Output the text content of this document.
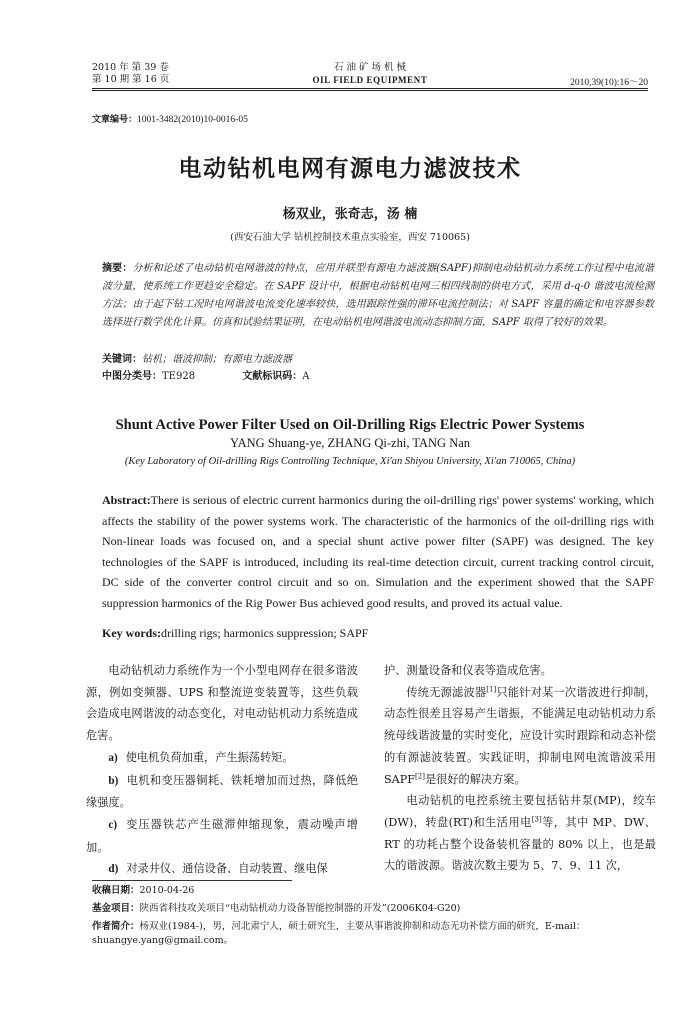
2010 年 第 39 卷
第 10 期 第 16 页
石 油 矿 场 机 械
OIL FIELD EQUIPMENT	2010,39(10):16～20
文章编号：1001-3482(2010)10-0016-05
电动钻机电网有源电力滤波技术
杨双业，张奇志，汤 楠
(西安石油大学 钻机控制技术重点实验室，西安 710065)
摘要：分析和论述了电动钻机电网谐波的特点，应用并联型有源电力滤波器(SAPF)抑制电动钻机动力系统工作过程中电流谐波分量，使系统工作更趋安全稳定。在 SAPF 设计中，根据电动钻机电网三相四线制的供电方式，采用 d-q-0 谐波电流检测方法；由于起下钻工况时电网谐波电流变化速率较快，选用跟踪性强的滞环电流控制法；对 SAPF 容量的确定和电容器参数选择进行数学优化计算。仿真和试验结果证明，在电动钻机电网谐波电流动态抑制方面，SAPF 取得了较好的效果。
关键词：钻机；谐波抑制；有源电力滤波器
中图分类号：TE928	文献标识码：A
Shunt Active Power Filter Used on Oil-Drilling Rigs Electric Power Systems
YANG Shuang-ye, ZHANG Qi-zhi, TANG Nan
(Key Laboratory of Oil-drilling Rigs Controlling Technique, Xi'an Shiyou University, Xi'an 710065, China)
Abstract:There is serious of electric current harmonics during the oil-drilling rigs' power systems' working, which affects the stability of the power systems work. The characteristic of the harmonics of the oil-drilling rigs with Non-linear loads was focused on, and a special shunt active power filter (SAPF) was designed. The key technologies of the SAPF is introduced, including its real-time detection circuit, current tracking control circuit, DC side of the converter control circuit and so on. Simulation and the experiment showed that the SAPF suppression harmonics of the Rig Power Bus achieved good results, and proved its actual value.
Key words:drilling rigs; harmonics suppression; SAPF

电动钻机动力系统作为一个小型电网存在很多谐波源，例如变频器、UPS 和整流逆变装置等，这些负载会造成电网谐波的动态变化，对电动钻机动力系统造成危害。

a) 使电机负荷加重，产生振荡转矩。

b) 电机和变压器铜耗、铁耗增加而过热，降低绝缘强度。

c) 变压器铁芯产生磁滞伸缩现象，震动噪声增加。

d) 对录井仪、通信设备、自动装置、继电保

护、测量设备和仪表等造成危害。

传统无源滤波器[1]只能针对某一次谐波进行抑制，动态性很差且容易产生谐振，不能满足电动钻机动力系统母线谐波量的实时变化，应设计实时跟踪和动态补偿的有源滤波装置。实践证明，抑制电网电流谐波采用 SAPF[2]是很好的解决方案。

电动钻机的电控系统主要包括钻井泵(MP)，绞车(DW)，转盘(RT)和生活用电[3]等，其中 MP、DW、RT 的功耗占整个设备装机容量的 80% 以上，也是最大的谐波源。谐波次数主要为 5、7、9、11 次，

收稿日期：2010-04-26
基金项目：陕西省科技攻关项目“电动钻机动力设备智能控制器的开发”(2006K04-G20)
作者简介：杨双业(1984-)，男，河北肃宁人，硕士研究生，主要从事谐波抑制和动态无功补偿方面的研究，E-mail：shuangye.yang@gmail.com。
